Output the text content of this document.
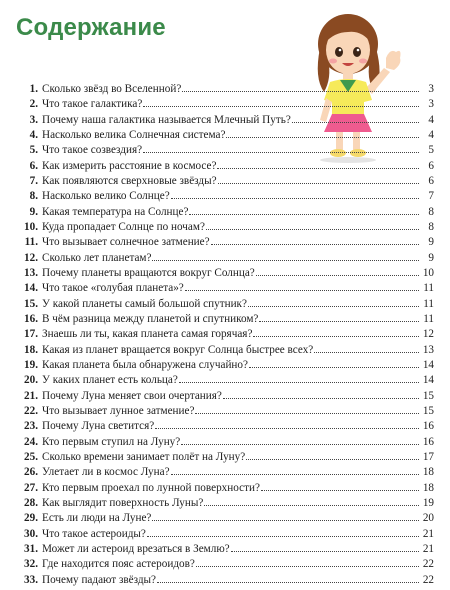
Содержание
1. Сколько звёзд во Вселенной?	3
2. Что такое галактика?	3
3. Почему наша галактика называется Млечный Путь?	4
4. Насколько велика Солнечная система?	4
5. Что такое созвездия?	5
6. Как измерить расстояние в космосе?	6
7. Как появляются сверхновые звёзды?	6
8. Насколько велико Солнце?	7
9. Какая температура на Солнце?	8
10. Куда пропадает Солнце по ночам?	8
11. Что вызывает солнечное затмение?	9
12. Сколько лет планетам?	9
13. Почему планеты вращаются вокруг Солнца?	10
14. Что такое «голубая планета»?	11
15. У какой планеты самый большой спутник?	11
16. В чём разница между планетой и спутником?	11
17. Знаешь ли ты, какая планета самая горячая?	12
18. Какая из планет вращается вокруг Солнца быстрее всех?	13
19. Какая планета была обнаружена случайно?	14
20. У каких планет есть кольца?	14
21. Почему Луна меняет свои очертания?	15
22. Что вызывает лунное затмение?	15
23. Почему Луна светится?	16
24. Кто первым ступил на Луну?	16
25. Сколько времени занимает полёт на Луну?	17
26. Улетает ли в космос Луна?	18
27. Кто первым проехал по лунной поверхности?	18
28. Как выглядит поверхность Луны?	19
29. Есть ли люди на Луне?	20
30. Что такое астероиды?	21
31. Может ли астероид врезаться в Землю?	21
32. Где находится пояс астероидов?	22
33. Почему падают звёзды?	22
